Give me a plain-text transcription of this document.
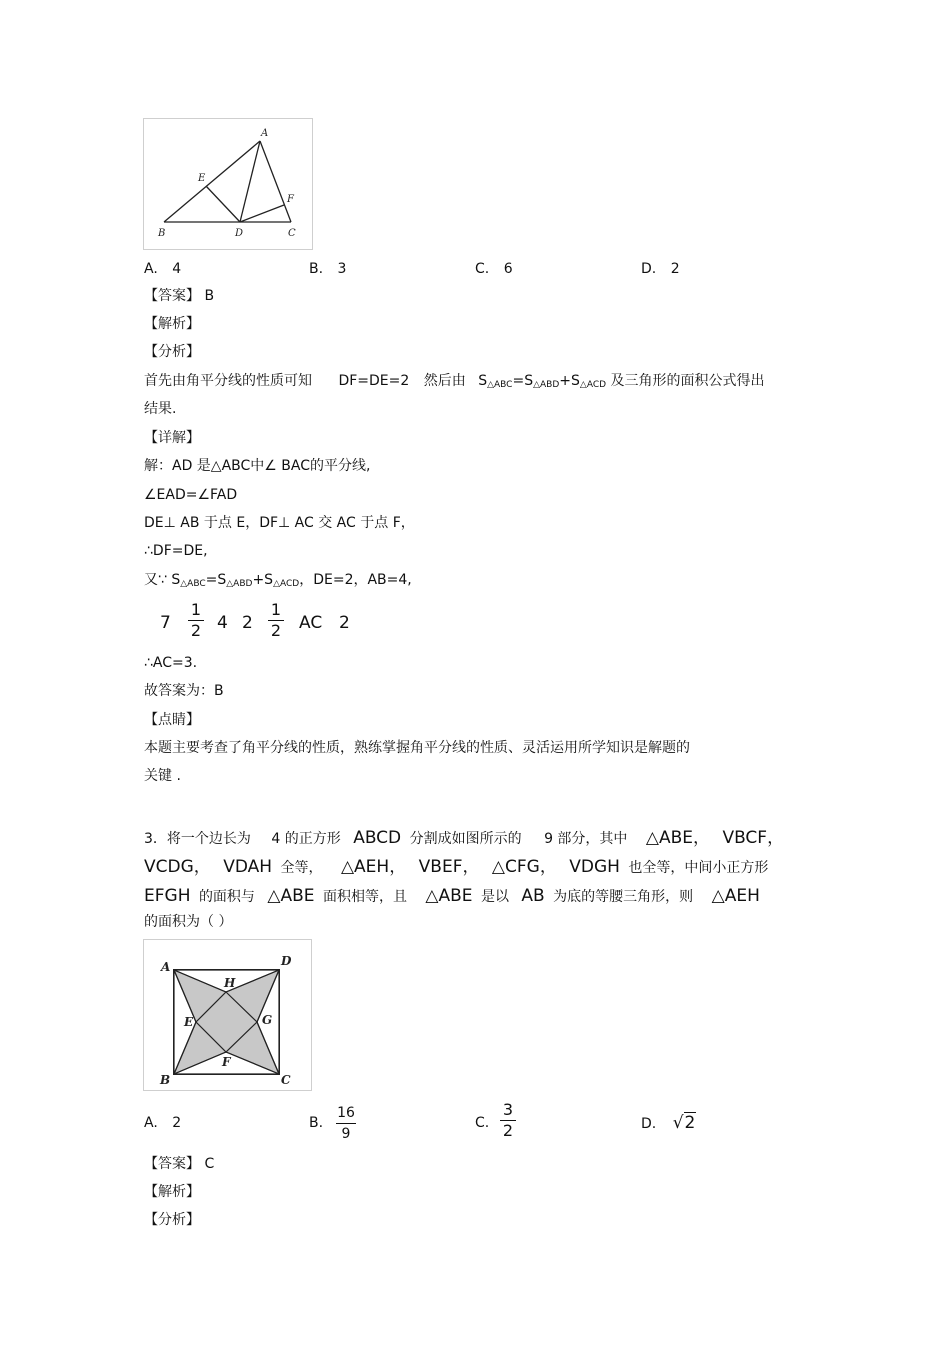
A
B	C
D
E
F
A. 4	B. 3	C. 6	D. 2
【答案】 B
【解析】
【分析】
首先由角平分线的性质可知 DF=DE=2 然后由 $S_{\triangle ABC}=S_{\triangle ABD}+S_{\triangle ACD}$ 及三角形的面积公式得出
结果.
【详解】
解：AD 是△ABC中∠ BAC的平分线,
∠EAD=∠FAD
DE⊥ AB 于点 E，DF⊥ AC 交 AC 于点 F，
∴DF=DE,
又∵ $S_{\triangle ABC}=S_{\triangle ABD}+S_{\triangle ACD}$，DE=2，AB=4,
7
1
2 4 2
1
2 AC 2
∴AC=3.
故答案为：B
【点睛】
本题主要考查了角平分线的性质，熟练掌握角平分线的性质、灵活运用所学知识是解题的
关键 .
3．将一个边长为 4 的正方形 ABCD 分割成如图所示的 9 部分，其中 △ABE， VBCF，
VCDG， VDAH 全等， △AEH， VBEF， △CFG， VDGH 也全等，中间小正方形
EFGH 的面积与 △ABE 面积相等，且 △ABE 是以 AB 为底的等腰三角形，则 △AEH
的面积为（ ）
A	D
B	C
H
E	G
F
A. 2	B.
16
9
C.
3
2	D. √2
【答案】 C
【解析】
【分析】
